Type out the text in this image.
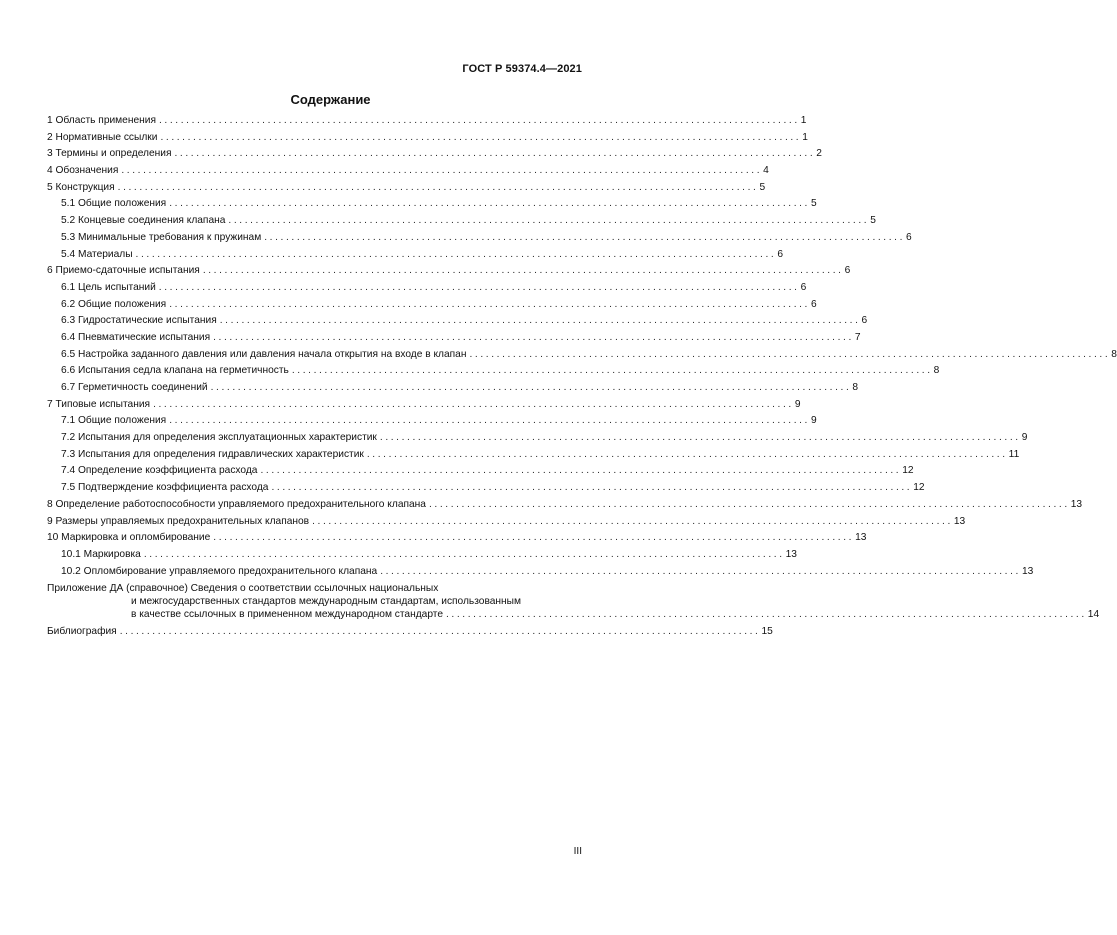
ГОСТ Р 59374.4—2021
Содержание
1 Область применения ...................................................................................................................... 1
2 Нормативные ссылки ...................................................................................................................... 1
3 Термины и определения ...................................................................................................................... 2
4 Обозначения ...................................................................................................................... 4
5 Конструкция ...................................................................................................................... 5
5.1 Общие положения ...................................................................................................................... 5
5.2 Концевые соединения клапана ...................................................................................................................... 5
5.3 Минимальные требования к пружинам ...................................................................................................................... 6
5.4 Материалы ...................................................................................................................... 6
6 Приемо-сдаточные испытания ...................................................................................................................... 6
6.1 Цель испытаний ...................................................................................................................... 6
6.2 Общие положения ...................................................................................................................... 6
6.3 Гидростатические испытания ...................................................................................................................... 6
6.4 Пневматические испытания ...................................................................................................................... 7
6.5 Настройка заданного давления или давления начала открытия на входе в клапан ...................................................................................................................... 8
6.6 Испытания седла клапана на герметичность ...................................................................................................................... 8
6.7 Герметичность соединений ...................................................................................................................... 8
7 Типовые испытания ...................................................................................................................... 9
7.1 Общие положения ...................................................................................................................... 9
7.2 Испытания для определения эксплуатационных характеристик ...................................................................................................................... 9
7.3 Испытания для определения гидравлических характеристик ...................................................................................................................... 11
7.4 Определение коэффициента расхода ...................................................................................................................... 12
7.5 Подтверждение коэффициента расхода ...................................................................................................................... 12
8 Определение работоспособности управляемого предохранительного клапана ...................................................................................................................... 13
9 Размеры управляемых предохранительных клапанов ...................................................................................................................... 13
10 Маркировка и опломбирование ...................................................................................................................... 13
10.1 Маркировка ...................................................................................................................... 13
10.2 Опломбирование управляемого предохранительного клапана ...................................................................................................................... 13
Приложение ДА (справочное) Сведения о соответствии ссылочных национальных
и межгосударственных стандартов международным стандартам, использованным
в качестве ссылочных в примененном международном стандарте ...................................................................................................................... 14
Библиография ...................................................................................................................... 15
III
